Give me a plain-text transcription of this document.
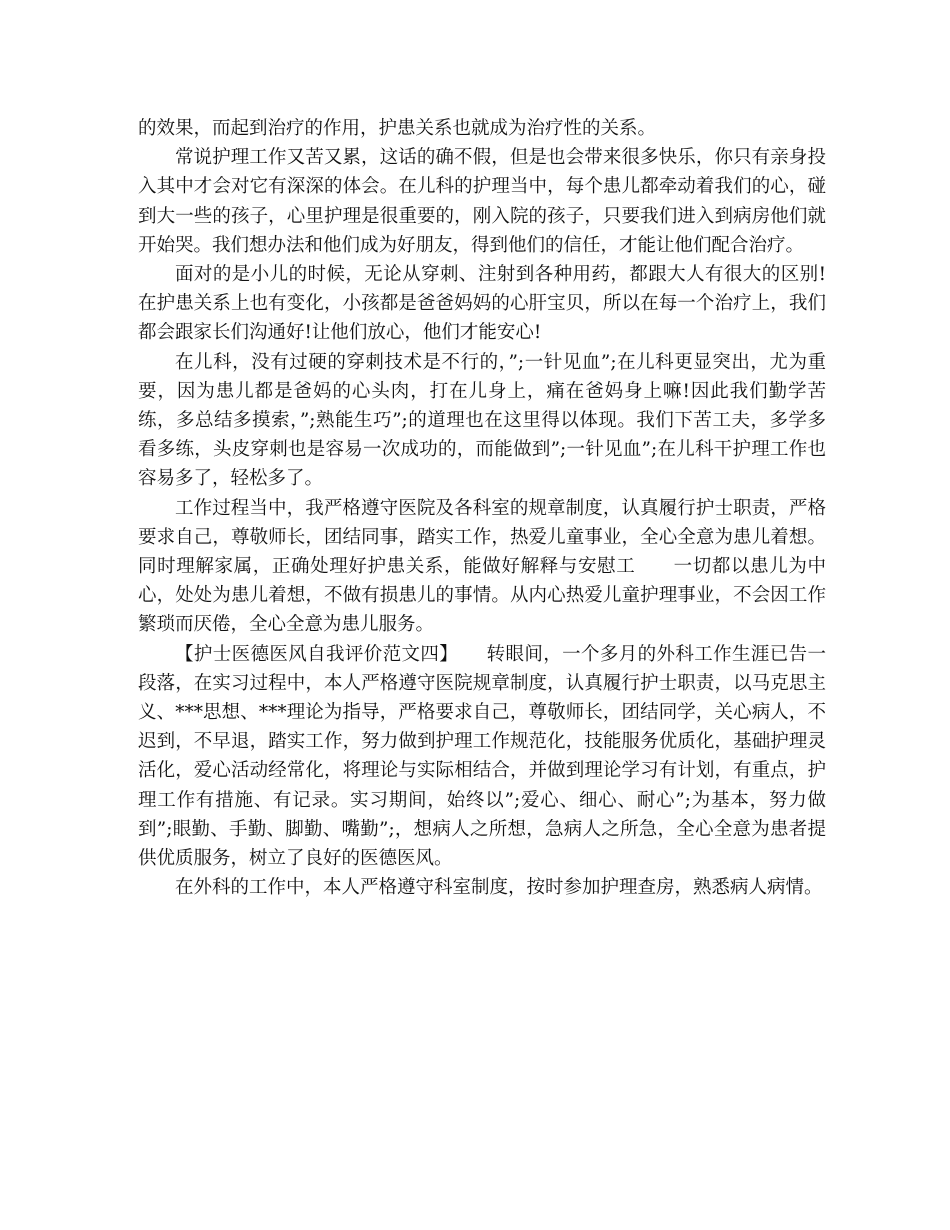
的效果，而起到治疗的作用，护患关系也就成为治疗性的关系。

常说护理工作又苦又累，这话的确不假，但是也会带来很多快乐，你只有亲身投入其中才会对它有深深的体会。在儿科的护理当中，每个患儿都牵动着我们的心，碰到大一些的孩子，心里护理是很重要的，刚入院的孩子，只要我们进入到病房他们就开始哭。我们想办法和他们成为好朋友，得到他们的信任，才能让他们配合治疗。

面对的是小儿的时候，无论从穿刺、注射到各种用药，都跟大人有很大的区别!在护患关系上也有变化，小孩都是爸爸妈妈的心肝宝贝，所以在每一个治疗上，我们都会跟家长们沟通好!让他们放心，他们才能安心!

在儿科，没有过硬的穿刺技术是不行的，”;一针见血”;在儿科更显突出，尤为重要，因为患儿都是爸妈的心头肉，打在儿身上，痛在爸妈身上嘛!因此我们勤学苦练，多总结多摸索，”;熟能生巧”;的道理也在这里得以体现。我们下苦工夫，多学多看多练，头皮穿刺也是容易一次成功的，而能做到”;一针见血”;在儿科干护理工作也容易多了，轻松多了。

工作过程当中，我严格遵守医院及各科室的规章制度，认真履行护士职责，严格要求自己，尊敬师长，团结同事，踏实工作，热爱儿童事业，全心全意为患儿着想。同时理解家属，正确处理好护患关系，能做好解释与安慰工　　一切都以患儿为中心，处处为患儿着想，不做有损患儿的事情。从内心热爱儿童护理事业，不会因工作繁琐而厌倦，全心全意为患儿服务。

【护士医德医风自我评价范文四】　　转眼间，一个多月的外科工作生涯已告一段落，在实习过程中，本人严格遵守医院规章制度，认真履行护士职责，以马克思主义、***思想、***理论为指导，严格要求自己，尊敬师长，团结同学，关心病人，不迟到，不早退，踏实工作，努力做到护理工作规范化，技能服务优质化，基础护理灵活化，爱心活动经常化，将理论与实际相结合，并做到理论学习有计划，有重点，护理工作有措施、有记录。实习期间，始终以”;爱心、细心、耐心”;为基本，努力做到”;眼勤、手勤、脚勤、嘴勤”;，想病人之所想，急病人之所急，全心全意为患者提供优质服务，树立了良好的医德医风。

在外科的工作中，本人严格遵守科室制度，按时参加护理查房，熟悉病人病情。
